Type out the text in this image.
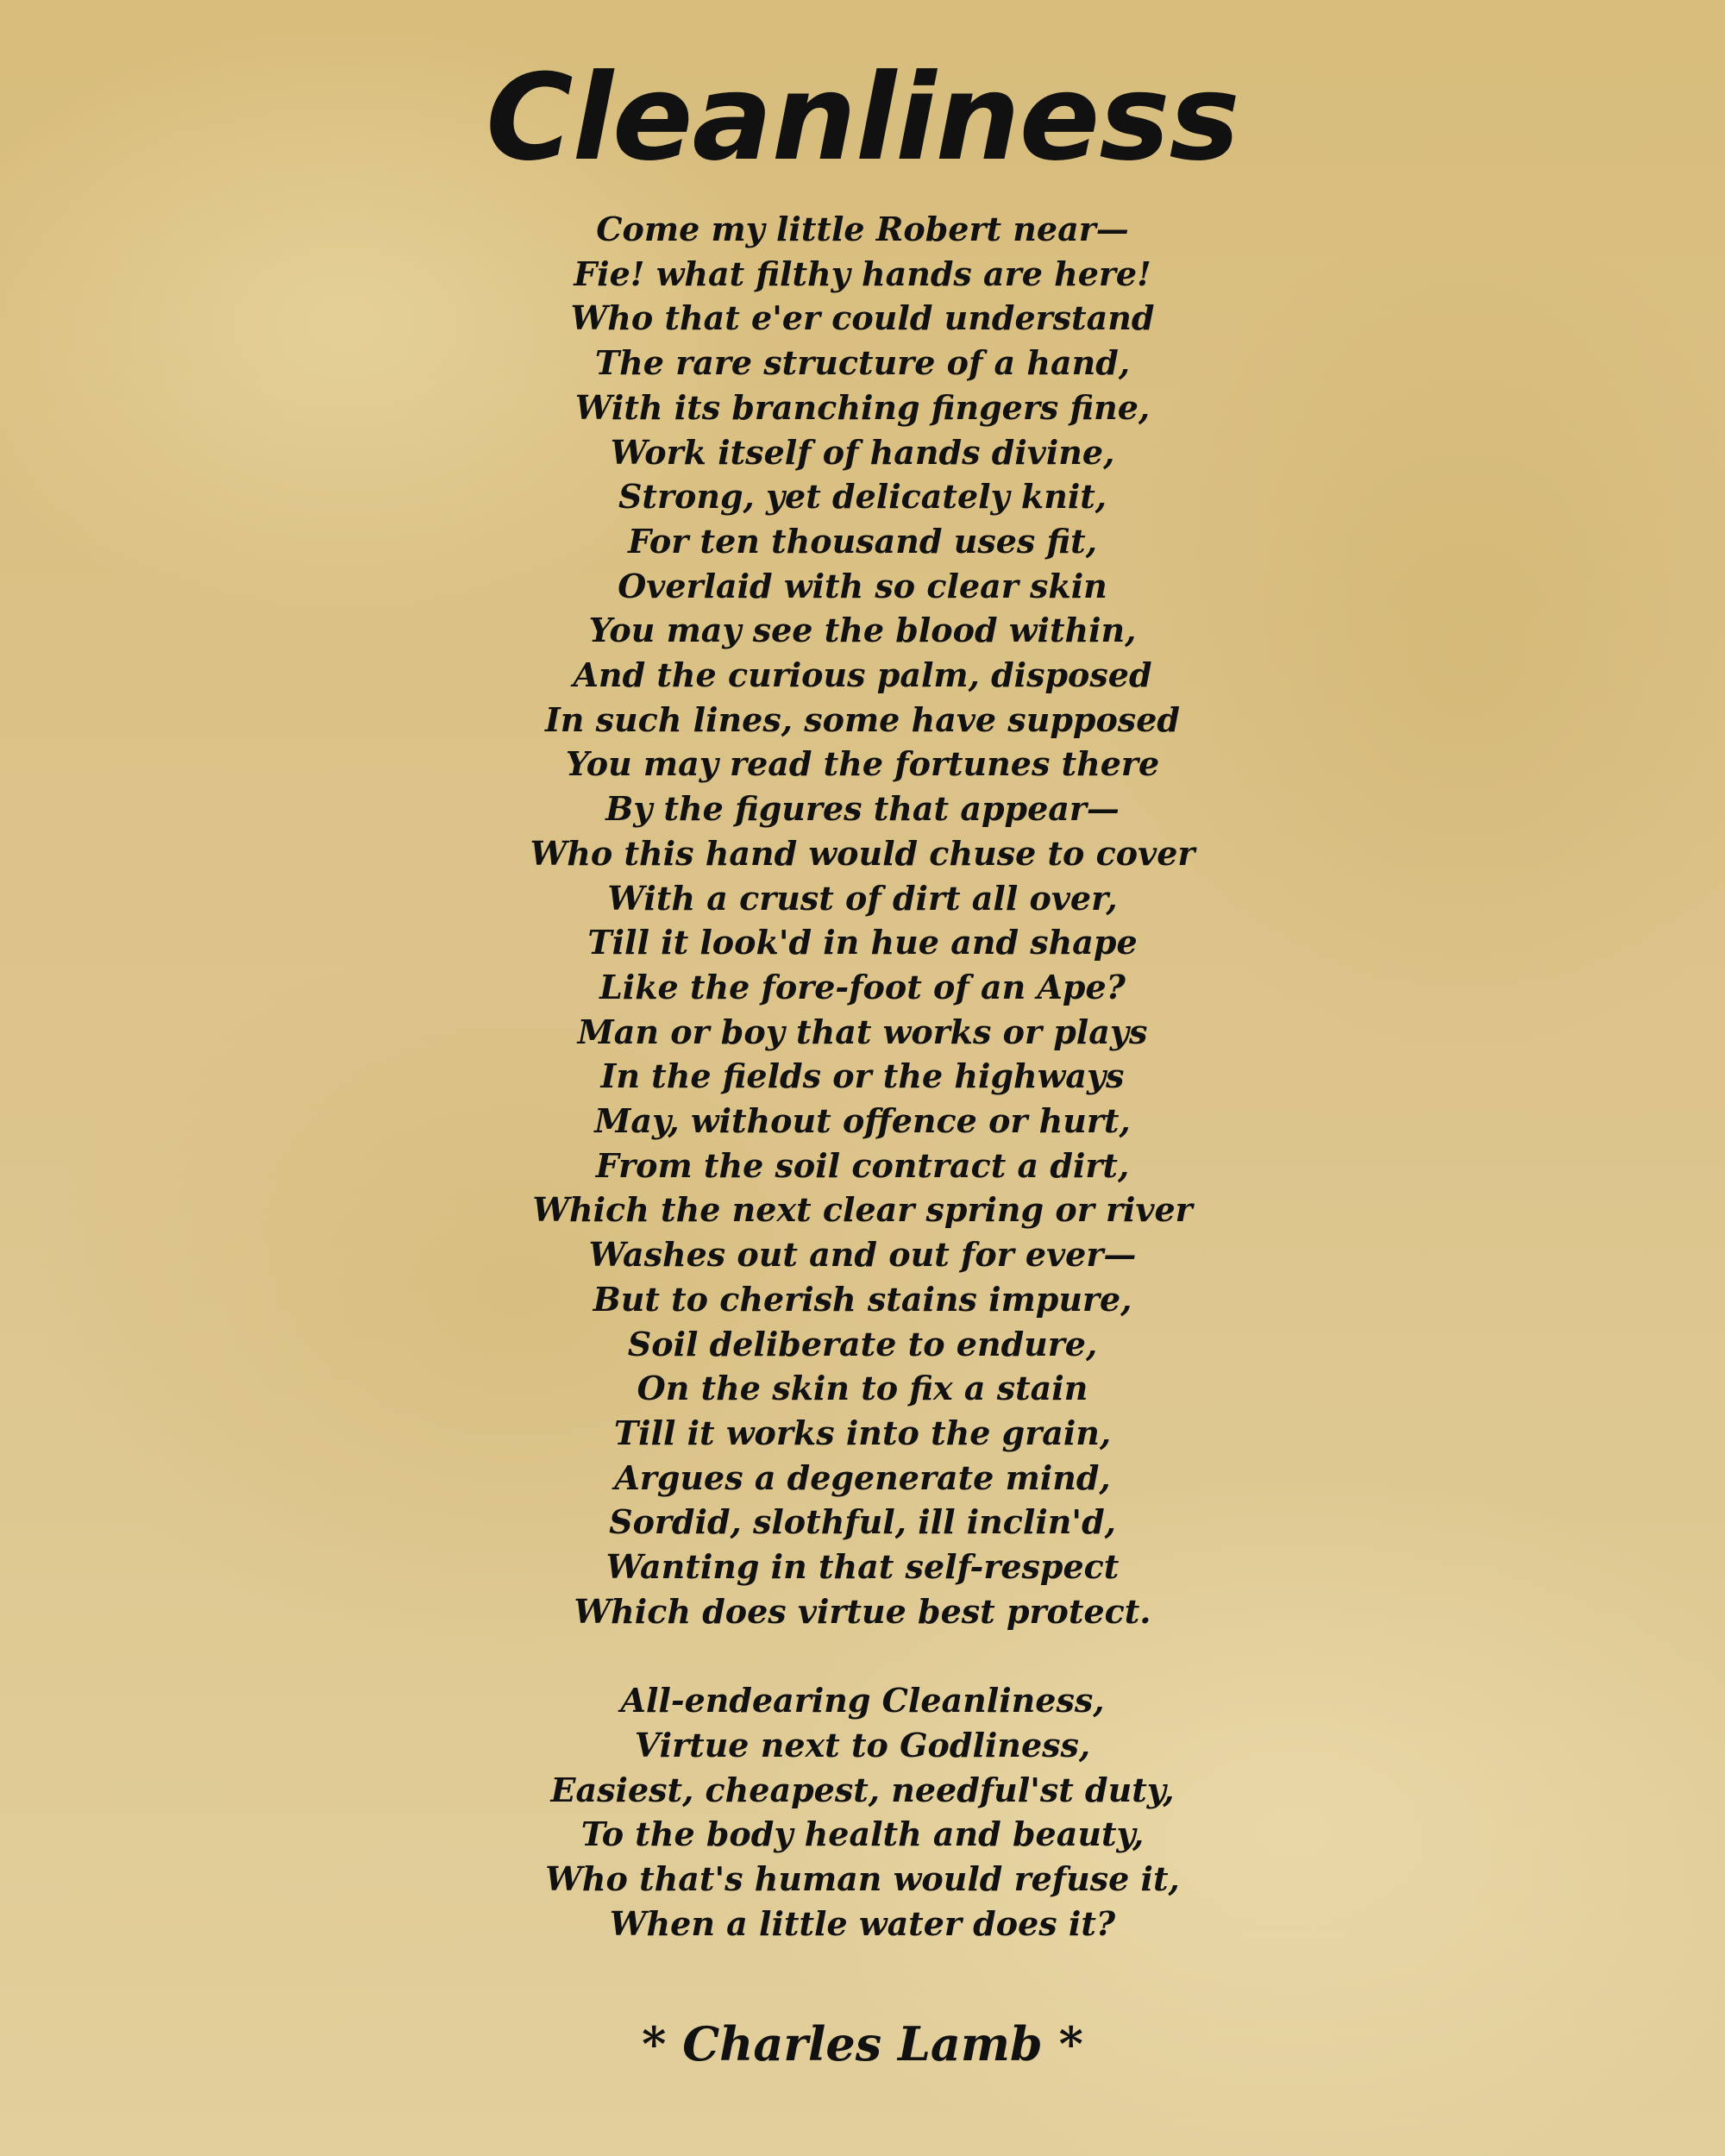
Cleanliness
Come my little Robert near—
Fie! what filthy hands are here!
Who that e'er could understand
The rare structure of a hand,
With its branching fingers fine,
Work itself of hands divine,
Strong, yet delicately knit,
For ten thousand uses fit,
Overlaid with so clear skin
You may see the blood within,
And the curious palm, disposed
In such lines, some have supposed
You may read the fortunes there
By the figures that appear—
Who this hand would chuse to cover
With a crust of dirt all over,
Till it look'd in hue and shape
Like the fore-foot of an Ape?
Man or boy that works or plays
In the fields or the highways
May, without offence or hurt,
From the soil contract a dirt,
Which the next clear spring or river
Washes out and out for ever—
But to cherish stains impure,
Soil deliberate to endure,
On the skin to fix a stain
Till it works into the grain,
Argues a degenerate mind,
Sordid, slothful, ill inclin'd,
Wanting in that self-respect
Which does virtue best protect.
All-endearing Cleanliness,
Virtue next to Godliness,
Easiest, cheapest, needful'st duty,
To the body health and beauty,
Who that's human would refuse it,
When a little water does it?
* Charles Lamb *
